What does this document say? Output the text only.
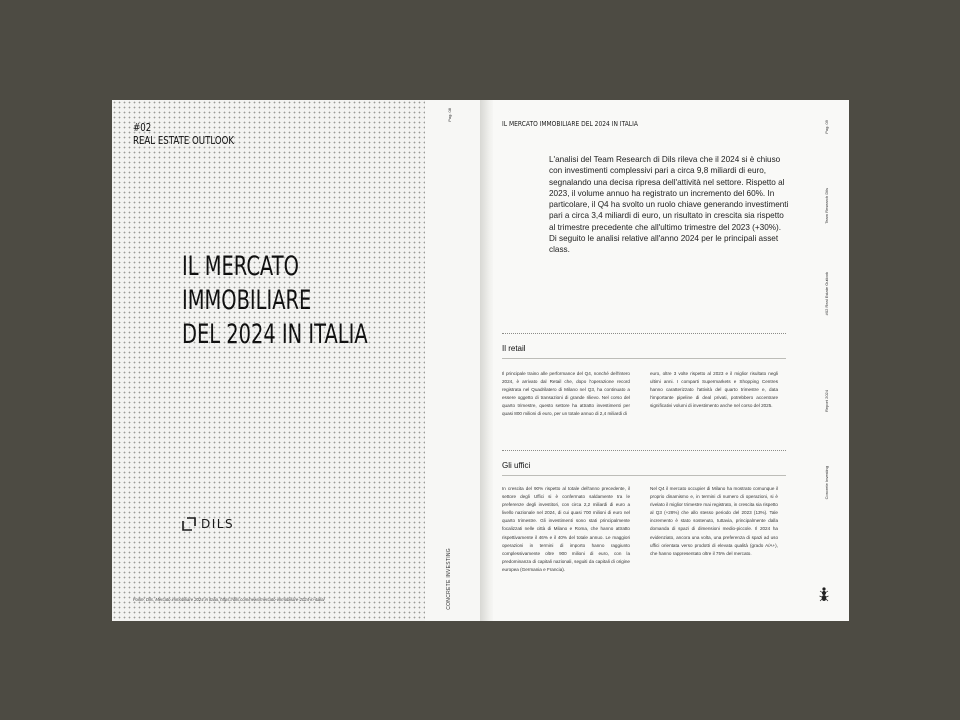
#02
REAL ESTATE OUTLOOK
IL MERCATO
IMMOBILIARE
DEL 2024 IN ITALIA
DILS
Fonte: Dils, Mercato immobiliare 2024 in Italia, https://dils.com/news/mercato-immobiliare-2024-in-italia/
Pag. 08
CONCRETE INVESTING
Pag. 09
Team Research Dils
#02 Real Estate Outlook
Report 2024
Concrete Investing
IL MERCATO IMMOBILIARE DEL 2024 IN ITALIA

L'analisi del Team Research di Dils rileva che il 2024 si è chiuso con investimenti complessivi pari a circa 9,8 miliardi di euro, segnalando una decisa ripresa dell'attività nel settore. Rispetto al 2023, il volume annuo ha registrato un incremento del 60%. In particolare, il Q4 ha svolto un ruolo chiave generando investimenti pari a circa 3,4 miliardi di euro, un risultato in crescita sia rispetto al trimestre precedente che all'ultimo trimestre del 2023 (+30%).

Di seguito le analisi relative all'anno 2024 per le principali asset class.

Il retail
Il principale traino alle performance del Q4, nonché dell'intero 2024, è arrivato dal Retail che, dopo l'operazione record registrata nel Quadrilatero di Milano nel Q3, ha continuato a essere oggetto di transazioni di grande rilievo. Nel corso del quarto trimestre, questo settore ha attratto investimenti per quasi 800 milioni di euro, per un totale annuo di 2,4 miliardi di
euro, oltre 3 volte rispetto al 2023 e il miglior risultato negli ultimi anni. I comparti Supermarkets e Shopping Centres hanno caratterizzato l'attività del quarto trimestre e, data l'importante pipeline di deal privati, potrebbero accentrare significativi volumi di investimento anche nel corso del 2025.
Gli uffici
In crescita del 90% rispetto al totale dell'anno precedente, il settore degli Uffici si è confermato saldamente tra le preferenze degli investitori, con circa 2,2 miliardi di euro a livello nazionale nel 2024, di cui quasi 700 milioni di euro nel quarto trimestre. Gli investimenti sono stati principalmente focalizzati nelle città di Milano e Roma, che hanno attratto rispettivamente il 46% e il 40% del totale annuo. Le maggiori operazioni in termini di importo hanno raggiunto complessivamente oltre 900 milioni di euro, con la predominanza di capitali nazionali, seguiti da capitali di origine europea (Germania e Francia).
Nel Q4 il mercato occupier di Milano ha mostrato comunque il proprio dinamismo e, in termini di numero di operazioni, si è rivelato il miglior trimestre mai registrato, in crescita sia rispetto al Q3 (+28%) che allo stesso periodo del 2023 (13%). Tale incremento è stato sostenuto, tuttavia, principalmente dalla domanda di spazi di dimensioni medio-piccole. Il 2024 ha evidenziato, ancora una volta, una preferenza di spazi ad uso uffici orientata verso prodotti di elevata qualità (grado A/A+), che hanno rappresentato oltre il 75% del mercato.
